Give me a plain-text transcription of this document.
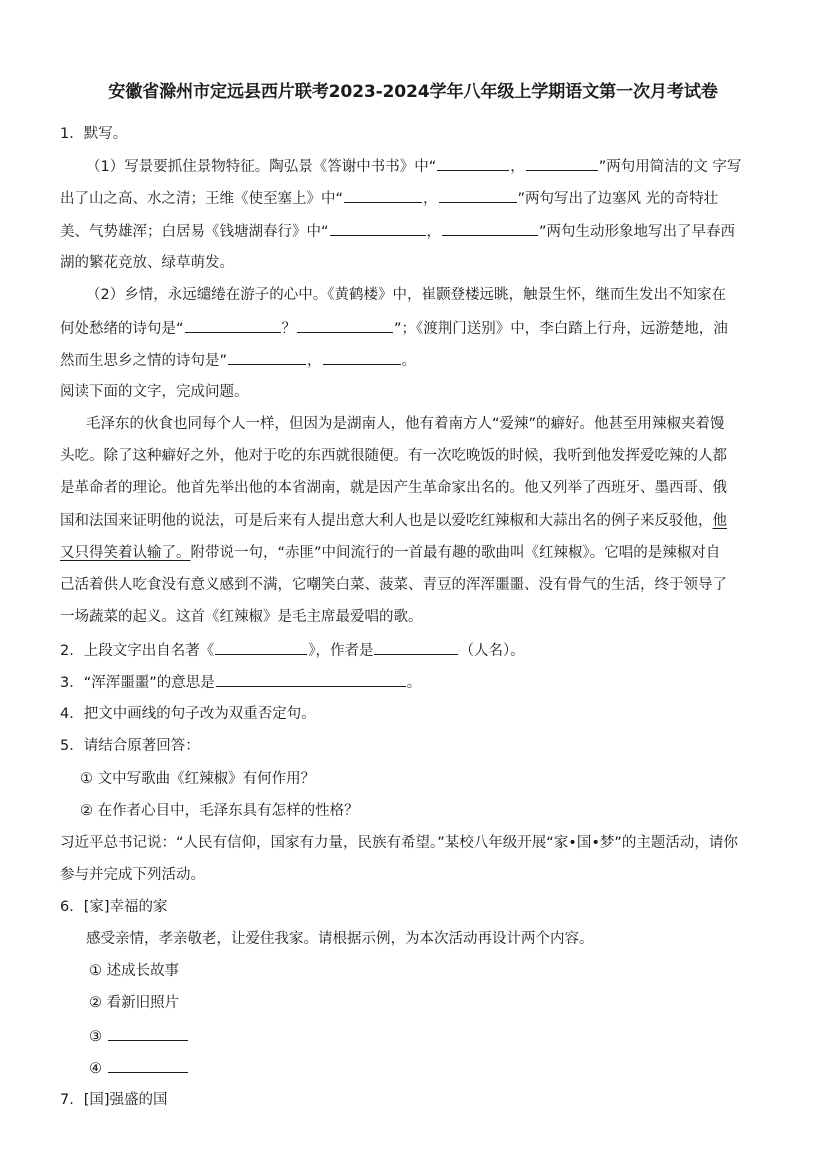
安徽省滁州市定远县西片联考2023-2024学年八年级上学期语文第一次月考试卷
1．默写。
（1）写景要抓住景物特征。陶弘景《答谢中书书》中“	，	”两句用简洁的文 字写
出了山之高、水之清；王维《使至塞上》中“	，	”两句写出了边塞风 光的奇特壮
美、气势雄浑；白居易《钱塘湖春行》中“	，	”两句生动形象地写出了早春西
湖的繁花竞放、绿草萌发。
（2）乡情，永远缱绻在游子的心中。《黄鹤楼》中，崔颢登楼远眺，触景生怀，继而生发出不知家在
何处愁绪的诗句是“	？	”；《渡荆门送别》中，李白踏上行舟，远游楚地，油
然而生思乡之情的诗句是”	，	。
阅读下面的文字，完成问题。
毛泽东的伙食也同每个人一样，但因为是湖南人，他有着南方人“爱辣”的癖好。他甚至用辣椒夹着馒
头吃。除了这种癖好之外，他对于吃的东西就很随便。有一次吃晚饭的时候，我听到他发挥爱吃辣的人都
是革命者的理论。他首先举出他的本省湖南，就是因产生革命家出名的。他又列举了西班牙、墨西哥、俄
国和法国来证明他的说法，可是后来有人提出意大利人也是以爱吃红辣椒和大蒜出名的例子来反驳他，他
又只得笑着认输了。附带说一句，“赤匪”中间流行的一首最有趣的歌曲叫《红辣椒》。它唱的是辣椒对自
己活着供人吃食没有意义感到不满，它嘲笑白菜、菠菜、青豆的浑浑噩噩、没有骨气的生活，终于领导了
一场蔬菜的起义。这首《红辣椒》是毛主席最爱唱的歌。
2．上段文字出自名著《	》，作者是	（人名）。
3．“浑浑噩噩”的意思是	。
4．把文中画线的句子改为双重否定句。
5．请结合原著回答：
① 文中写歌曲《红辣椒》有何作用？
② 在作者心目中，毛泽东具有怎样的性格？
习近平总书记说：“人民有信仰，国家有力量，民族有希望。”某校八年级开展“家•国•梦”的主题活动，请你
参与并完成下列活动。
6．[家]幸福的家
感受亲情，孝亲敬老，让爱住我家。请根据示例，为本次活动再设计两个内容。
① 述成长故事
② 看新旧照片
③
④
7．[国]强盛的国
